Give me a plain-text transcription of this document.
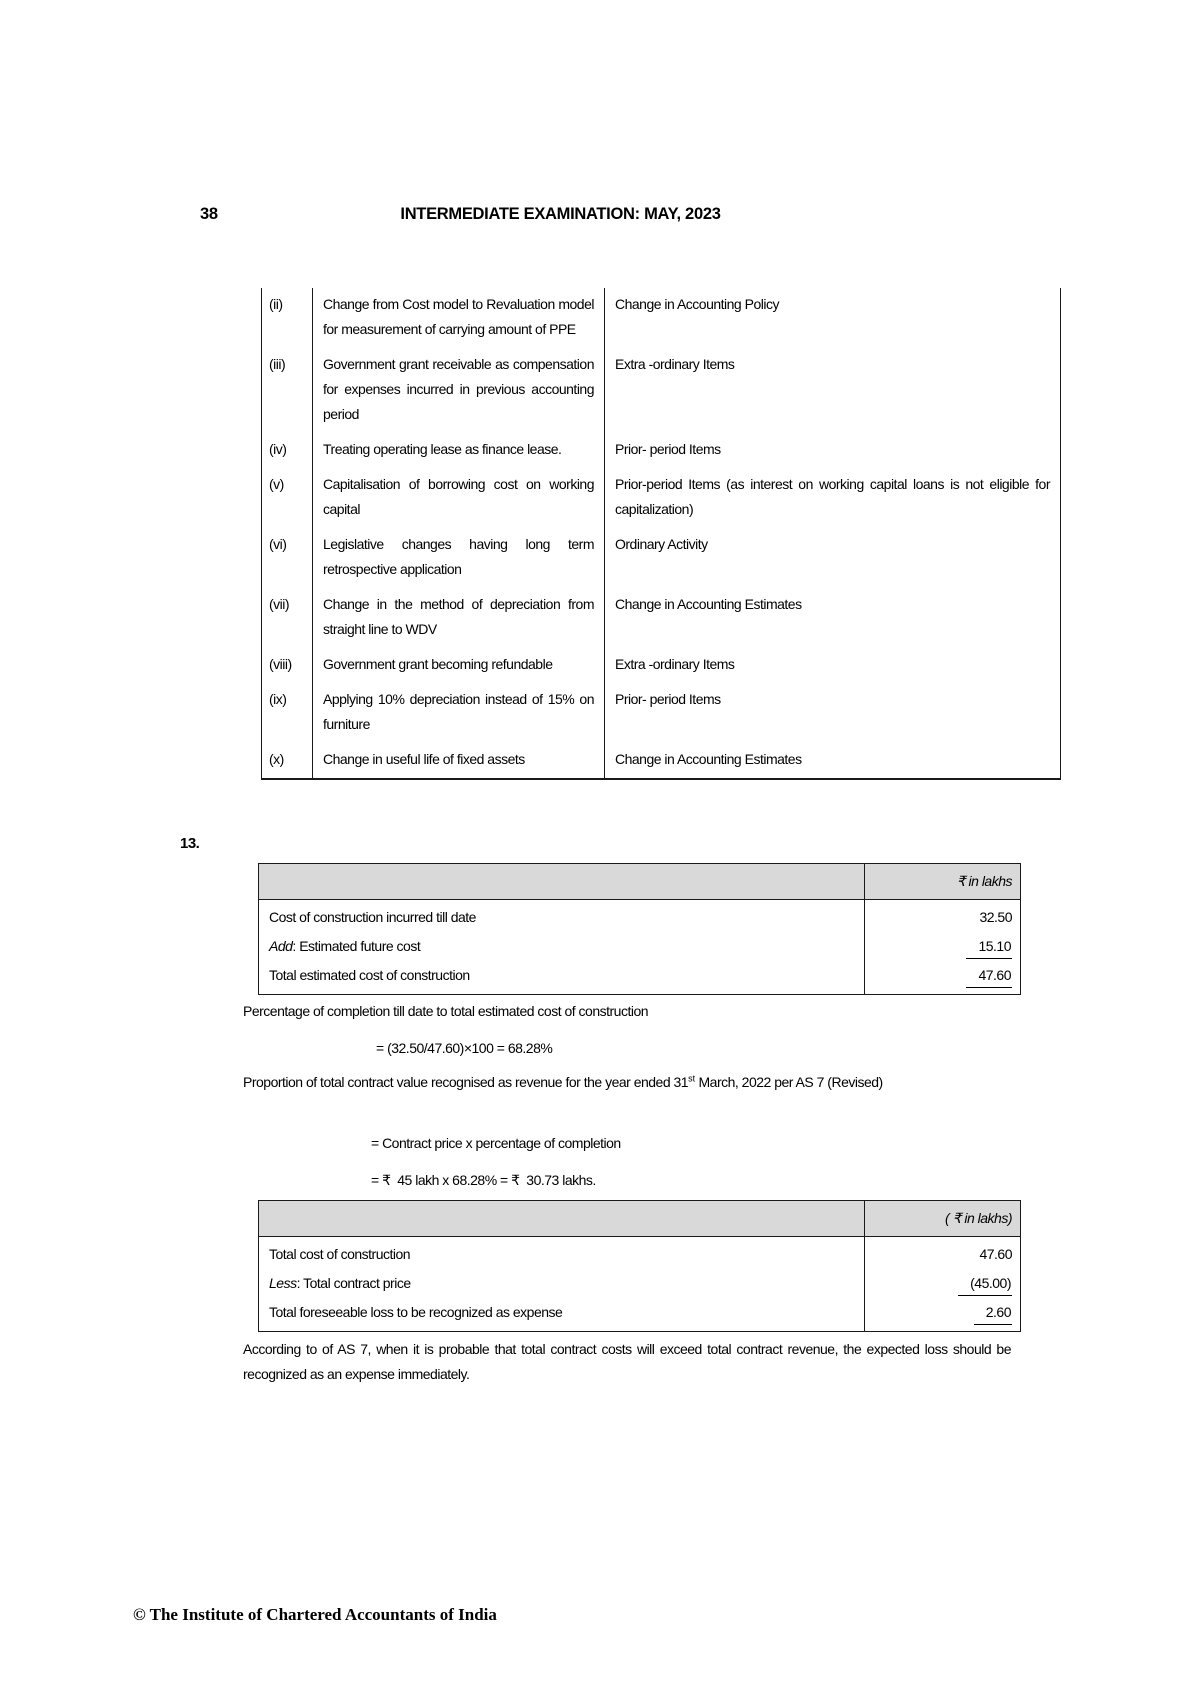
38	INTERMEDIATE EXAMINATION: MAY, 2023
(ii)	Change from Cost model to Revaluation model for measurement of carrying amount of PPE	Change in Accounting Policy
(iii)	Government grant receivable as compensation for expenses incurred in previous accounting period	Extra -ordinary Items
(iv)	Treating operating lease as finance lease.	Prior- period Items
(v)	Capitalisation of borrowing cost on working capital	Prior-period Items (as interest on working capital loans is not eligible for capitalization)
(vi)	Legislative changes having long term retrospective application	Ordinary Activity
(vii)	Change in the method of depreciation from straight line to WDV	Change in Accounting Estimates
(viii)	Government grant becoming refundable	Extra -ordinary Items
(ix)	Applying 10% depreciation instead of 15% on furniture	Prior- period Items
(x)	Change in useful life of fixed assets	Change in Accounting Estimates
13.
	₹ in lakhs
Cost of construction incurred till date	32.50
Add: Estimated future cost	15.10
Total estimated cost of construction	47.60
Percentage of completion till date to total estimated cost of construction
= (32.50/47.60)×100 = 68.28%
Proportion of total contract value recognised as revenue for the year ended 31st March, 2022 per AS 7 (Revised)
= Contract price x percentage of completion
= ₹  45 lakh x 68.28% = ₹  30.73 lakhs.
	( ₹ in lakhs)
Total cost of construction	47.60
Less: Total contract price	(45.00)
Total foreseeable loss to be recognized as expense	2.60
According to of AS 7, when it is probable that total contract costs will exceed total contract revenue, the expected loss should be recognized as an expense immediately.
© The Institute of Chartered Accountants of India
